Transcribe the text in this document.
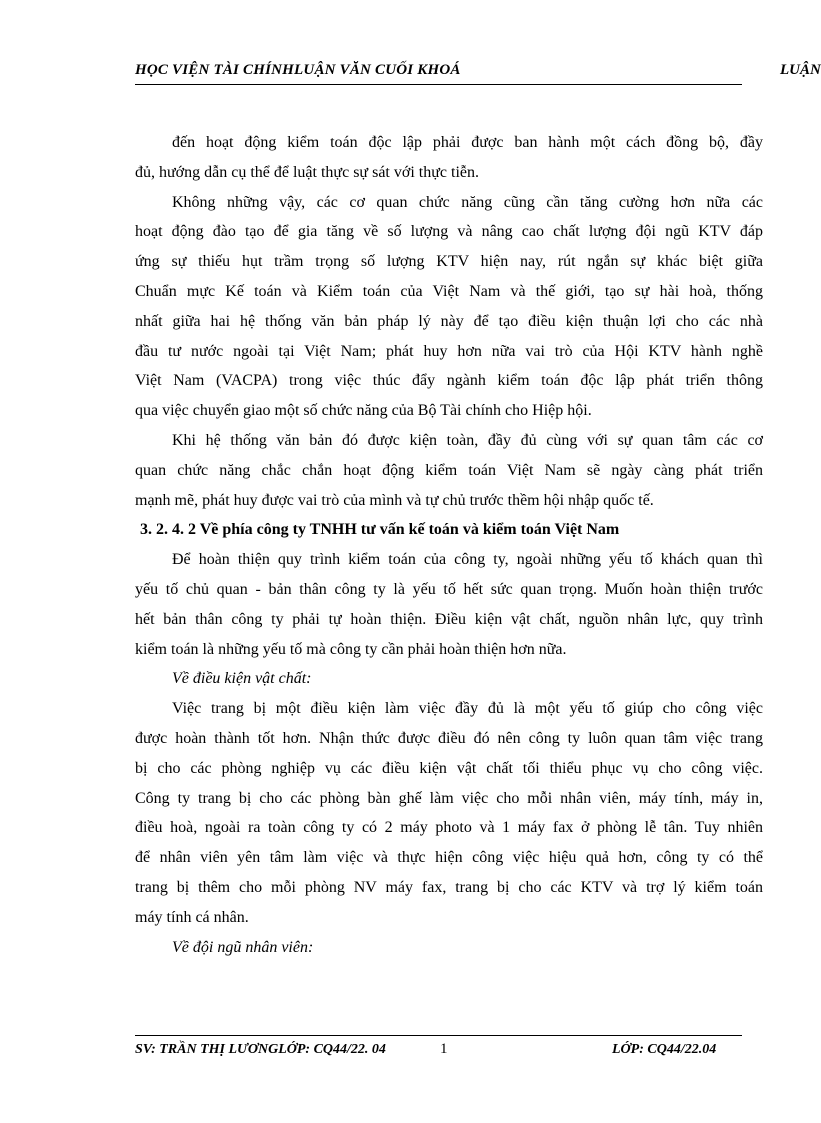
HỌC VIỆN TÀI CHÍNHLUẬN VĂN CUỐI KHOÁ	LUẬN
đến hoạt động kiểm toán độc lập phải được ban hành một cách đồng bộ, đầy
đủ, hướng dẫn cụ thể để luật thực sự sát với thực tiễn.
Không những vậy, các cơ quan chức năng cũng cần tăng cường hơn nữa các
hoạt động đào tạo để gia tăng về số lượng và nâng cao chất lượng đội ngũ KTV đáp
ứng sự thiếu hụt trầm trọng số lượng KTV hiện nay, rút ngắn sự khác biệt giữa
Chuẩn mực Kế toán và Kiểm toán của Việt Nam và thế giới, tạo sự hài hoà, thống
nhất giữa hai hệ thống văn bản pháp lý này để tạo điều kiện thuận lợi cho các nhà
đầu tư nước ngoài tại Việt Nam; phát huy hơn nữa vai trò của Hội KTV hành nghề
Việt Nam (VACPA) trong việc thúc đẩy ngành kiểm toán độc lập phát triển thông
qua việc chuyển giao một số chức năng của Bộ Tài chính cho Hiệp hội.
Khi hệ thống văn bản đó được kiện toàn, đầy đủ cùng với sự quan tâm các cơ
quan chức năng chắc chắn hoạt động kiểm toán Việt Nam sẽ ngày càng phát triển
mạnh mẽ, phát huy được vai trò của mình và tự chủ trước thềm hội nhập quốc tế.
3. 2. 4. 2 Về phía công ty TNHH tư vấn kế toán và kiểm toán Việt Nam
Để hoàn thiện quy trình kiểm toán của công ty, ngoài những yếu tố khách quan thì
yếu tố chủ quan - bản thân công ty là yếu tố hết sức quan trọng. Muốn hoàn thiện trước
hết bản thân công ty phải tự hoàn thiện. Điều kiện vật chất, nguồn nhân lực, quy trình
kiểm toán là những yếu tố mà công ty cần phải hoàn thiện hơn nữa.
Về điều kiện vật chất:
Việc trang bị một điều kiện làm việc đầy đủ là một yếu tố giúp cho công việc
được hoàn thành tốt hơn. Nhận thức được điều đó nên công ty luôn quan tâm việc trang
bị cho các phòng nghiệp vụ các điều kiện vật chất tối thiểu phục vụ cho công việc.
Công ty trang bị cho các phòng bàn ghế làm việc cho mỗi nhân viên, máy tính, máy in,
điều hoà, ngoài ra toàn công ty có 2 máy photo và 1 máy fax ở phòng lễ tân. Tuy nhiên
để nhân viên yên tâm làm việc và thực hiện công việc hiệu quả hơn, công ty có thể
trang bị thêm cho mỗi phòng NV máy fax, trang bị cho các KTV và trợ lý kiểm toán
máy tính cá nhân.
Về đội ngũ nhân viên:
SV: TRẦN THỊ LƯƠNGLỚP: CQ44/22. 04	1	LỚP: CQ44/22.04
